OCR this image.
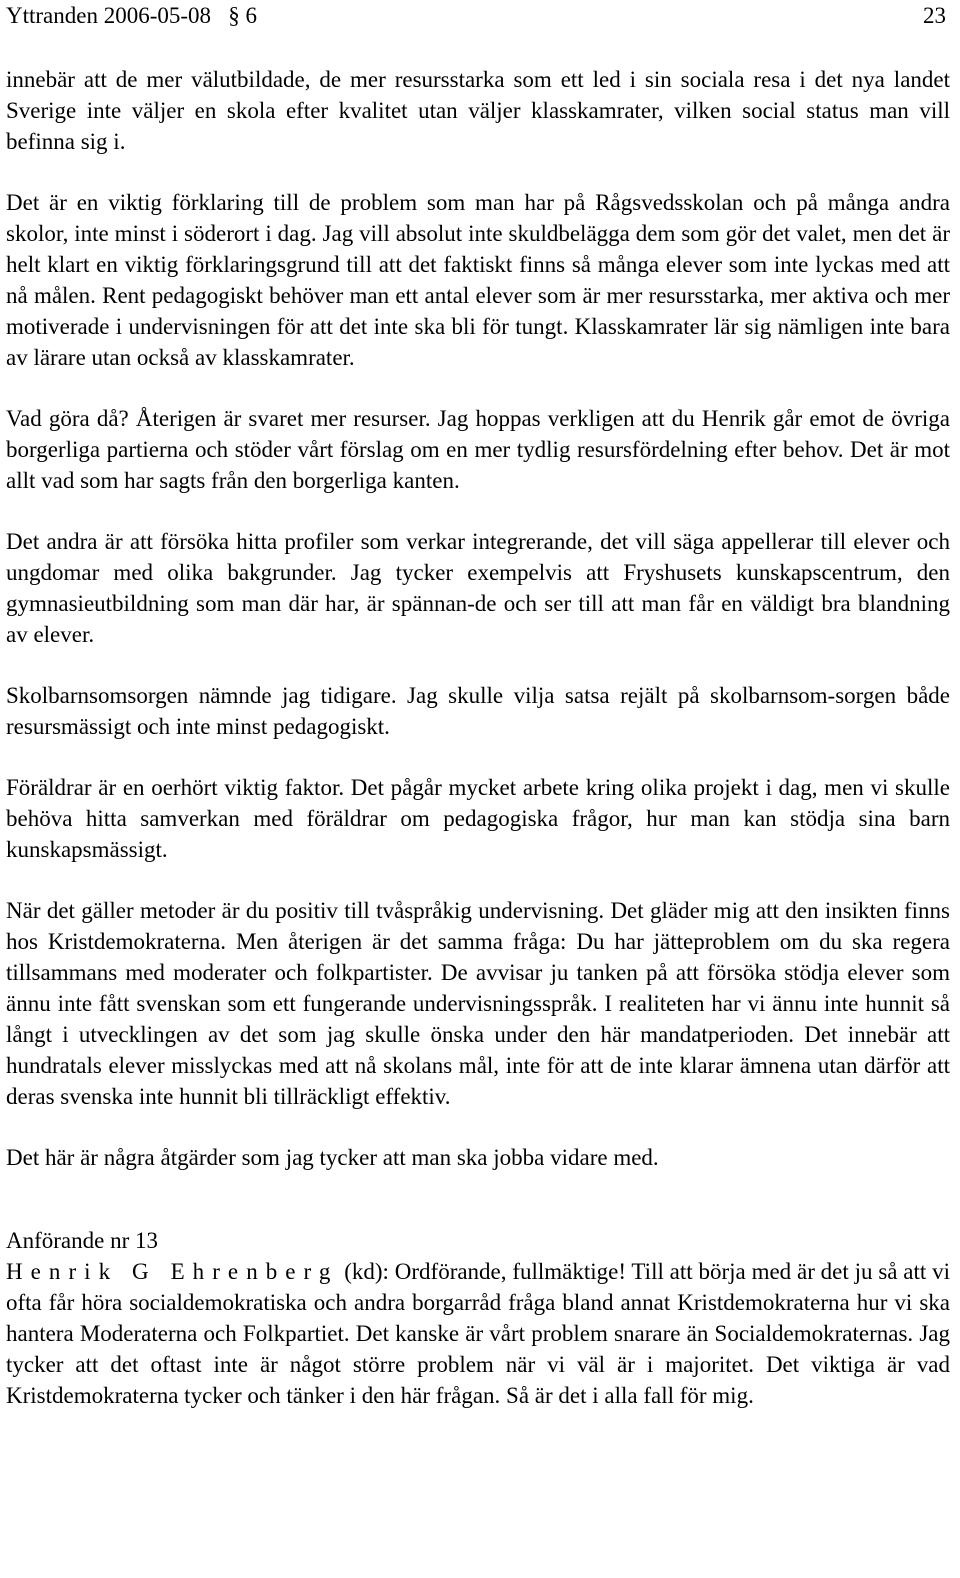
Yttranden 2006-05-08   § 6	23

innebär att de mer välutbildade, de mer resursstarka som ett led i sin sociala resa i det nya landet Sverige inte väljer en skola efter kvalitet utan väljer klasskamrater, vilken social status man vill befinna sig i.

Det är en viktig förklaring till de problem som man har på Rågsvedsskolan och på många andra skolor, inte minst i söderort i dag. Jag vill absolut inte skuldbelägga dem som gör det valet, men det är helt klart en viktig förklaringsgrund till att det faktiskt finns så många elever som inte lyckas med att nå målen. Rent pedagogiskt behöver man ett antal elever som är mer resursstarka, mer aktiva och mer motiverade i undervisningen för att det inte ska bli för tungt. Klasskamrater lär sig nämligen inte bara av lärare utan också av klasskamrater.

Vad göra då? Återigen är svaret mer resurser. Jag hoppas verkligen att du Henrik går emot de övriga borgerliga partierna och stöder vårt förslag om en mer tydlig resursfördelning efter behov. Det är mot allt vad som har sagts från den borgerliga kanten.

Det andra är att försöka hitta profiler som verkar integrerande, det vill säga appellerar till elever och ungdomar med olika bakgrunder. Jag tycker exempelvis att Fryshusets kunskapscentrum, den gymnasieutbildning som man där har, är spännan-de och ser till att man får en väldigt bra blandning av elever.

Skolbarnsomsorgen nämnde jag tidigare. Jag skulle vilja satsa rejält på skolbarnsom-sorgen både resursmässigt och inte minst pedagogiskt.

Föräldrar är en oerhört viktig faktor. Det pågår mycket arbete kring olika projekt i dag, men vi skulle behöva hitta samverkan med föräldrar om pedagogiska frågor, hur man kan stödja sina barn kunskapsmässigt.

När det gäller metoder är du positiv till tvåspråkig undervisning. Det gläder mig att den insikten finns hos Kristdemokraterna. Men återigen är det samma fråga: Du har jätteproblem om du ska regera tillsammans med moderater och folkpartister. De avvisar ju tanken på att försöka stödja elever som ännu inte fått svenskan som ett fungerande undervisningsspråk. I realiteten har vi ännu inte hunnit så långt i utvecklingen av det som jag skulle önska under den här mandatperioden. Det innebär att hundratals elever misslyckas med att nå skolans mål, inte för att de inte klarar ämnena utan därför att deras svenska inte hunnit bli tillräckligt effektiv.

Det här är några åtgärder som jag tycker att man ska jobba vidare med.

Anförande nr 13

Henrik G Ehrenberg (kd): Ordförande, fullmäktige! Till att börja med är det ju så att vi ofta får höra socialdemokratiska och andra borgarråd fråga bland annat Kristdemokraterna hur vi ska hantera Moderaterna och Folkpartiet. Det kanske är vårt problem snarare än Socialdemokraternas. Jag tycker att det oftast inte är något större problem när vi väl är i majoritet. Det viktiga är vad Kristdemokraterna tycker och tänker i den här frågan. Så är det i alla fall för mig.
